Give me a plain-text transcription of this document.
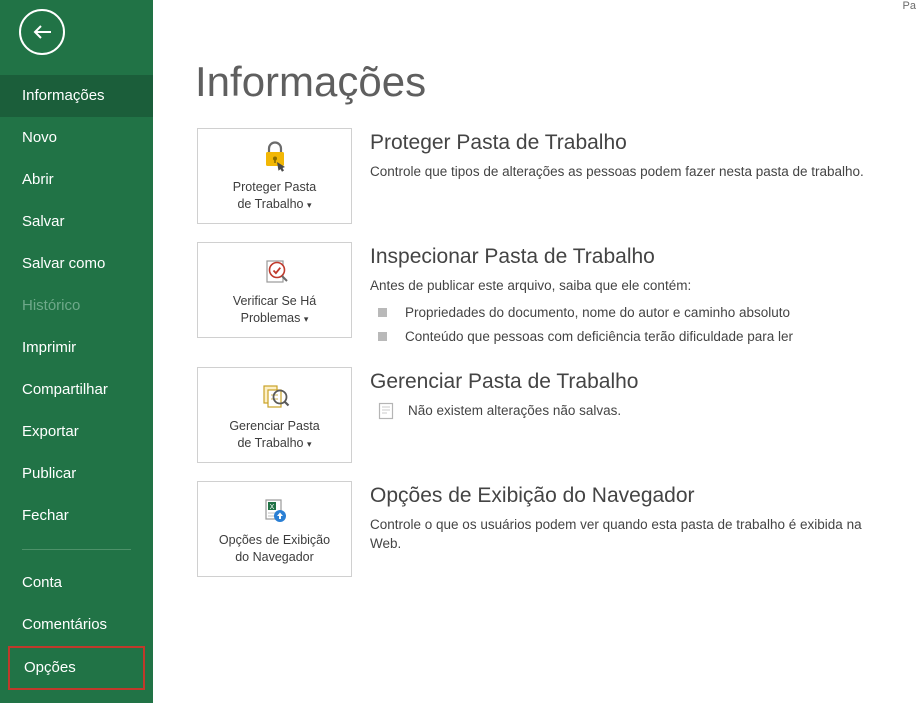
Informações
Novo
Abrir
Salvar
Salvar como
Histórico
Imprimir
Compartilhar
Exportar
Publicar
Fechar
Conta
Comentários
Opções
Pa
Informações
Proteger Pasta
de Trabalho ▾
Proteger Pasta de Trabalho

Controle que tipos de alterações as pessoas podem fazer nesta pasta de trabalho.

Verificar Se Há
Problemas ▾
Inspecionar Pasta de Trabalho

Antes de publicar este arquivo, saiba que ele contém:

Propriedades do documento, nome do autor e caminho absoluto
Conteúdo que pessoas com deficiência terão dificuldade para ler
Gerenciar Pasta
de Trabalho ▾
Gerenciar Pasta de Trabalho
Não existem alterações não salvas.
X
Opções de Exibição
do Navegador
Opções de Exibição do Navegador

Controle o que os usuários podem ver quando esta pasta de trabalho é exibida na Web.
